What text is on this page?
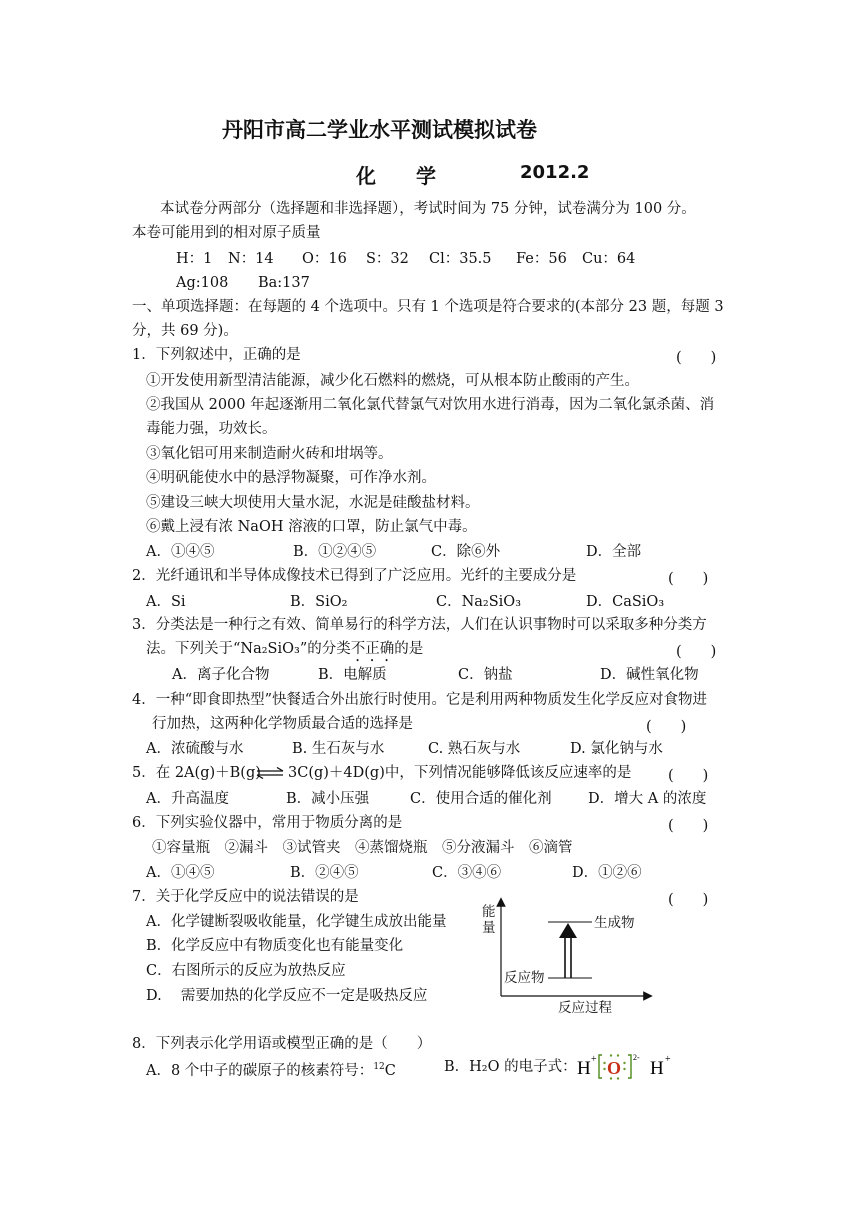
丹阳市高二学业水平测试模拟试卷
化　　学	2012.2
本试卷分两部分（选择题和非选择题），考试时间为 75 分钟，试卷满分为 100 分。
本卷可能用到的相对原子质量
H：1 N：14 O：16 S：32 Cl：35.5 Fe：56 Cu：64
Ag:108 Ba:137
一、单项选择题：在每题的 4 个选项中。只有 1 个选项是符合要求的(本部分 23 题，每题 3
分，共 69 分)。
1．下列叙述中，正确的是	(　　)
①开发使用新型清洁能源，减少化石燃料的燃烧，可从根本防止酸雨的产生。
②我国从 2000 年起逐渐用二氧化氯代替氯气对饮用水进行消毒，因为二氧化氯杀菌、消
毒能力强，功效长。
③氧化铝可用来制造耐火砖和坩埚等。
④明矾能使水中的悬浮物凝聚，可作净水剂。
⑤建设三峡大坝使用大量水泥，水泥是硅酸盐材料。
⑥戴上浸有浓 NaOH 溶液的口罩，防止氯气中毒。
A．①④⑤	B．①②④⑤	C．除⑥外	D．全部
2．光纤通讯和半导体成像技术已得到了广泛应用。光纤的主要成分是	(　　)
A．Si	B．SiO₂	C．Na₂SiO₃	D．CaSiO₃
3．分类法是一种行之有效、简单易行的科学方法，人们在认识事物时可以采取多种分类方
法。下列关于“Na₂SiO₃”的分类不正确的是	(　　)
A．离子化合物	B．电解质	C．钠盐	D．碱性氧化物
4．一种“即食即热型”快餐适合外出旅行时使用。它是利用两种物质发生化学反应对食物进
行加热，这两种化学物质最合适的选择是	(　　)
A．浓硫酸与水	B. 生石灰与水	C. 熟石灰与水	D. 氯化钠与水
5．在 2A(g)＋B(g) ⇌ 3C(g)＋4D(g)中，下列情况能够降低该反应速率的是	(　　)
A．升高温度	B．减小压强	C．使用合适的催化剂	D．增大 A 的浓度
6．下列实验仪器中，常用于物质分离的是	(　　)
①容量瓶　②漏斗　③试管夹　④蒸馏烧瓶　⑤分液漏斗　⑥滴管
A．①④⑤	B．②④⑤	C．③④⑥	D．①②⑥
7．关于化学反应中的说法错误的是	(　　)
A．化学键断裂吸收能量，化学键生成放出能量
B．化学反应中有物质变化也有能量变化
C．右图所示的反应为放热反应
D.　 需要加热的化学反应不一定是吸热反应
能
量	生成物
反应物
反应过程
8．下列表示化学用语或模型正确的是（　　）
A．8 个中子的碳原子的核素符号：$^{12}$C	B．H₂O 的电子式： H + O
2-
H +
